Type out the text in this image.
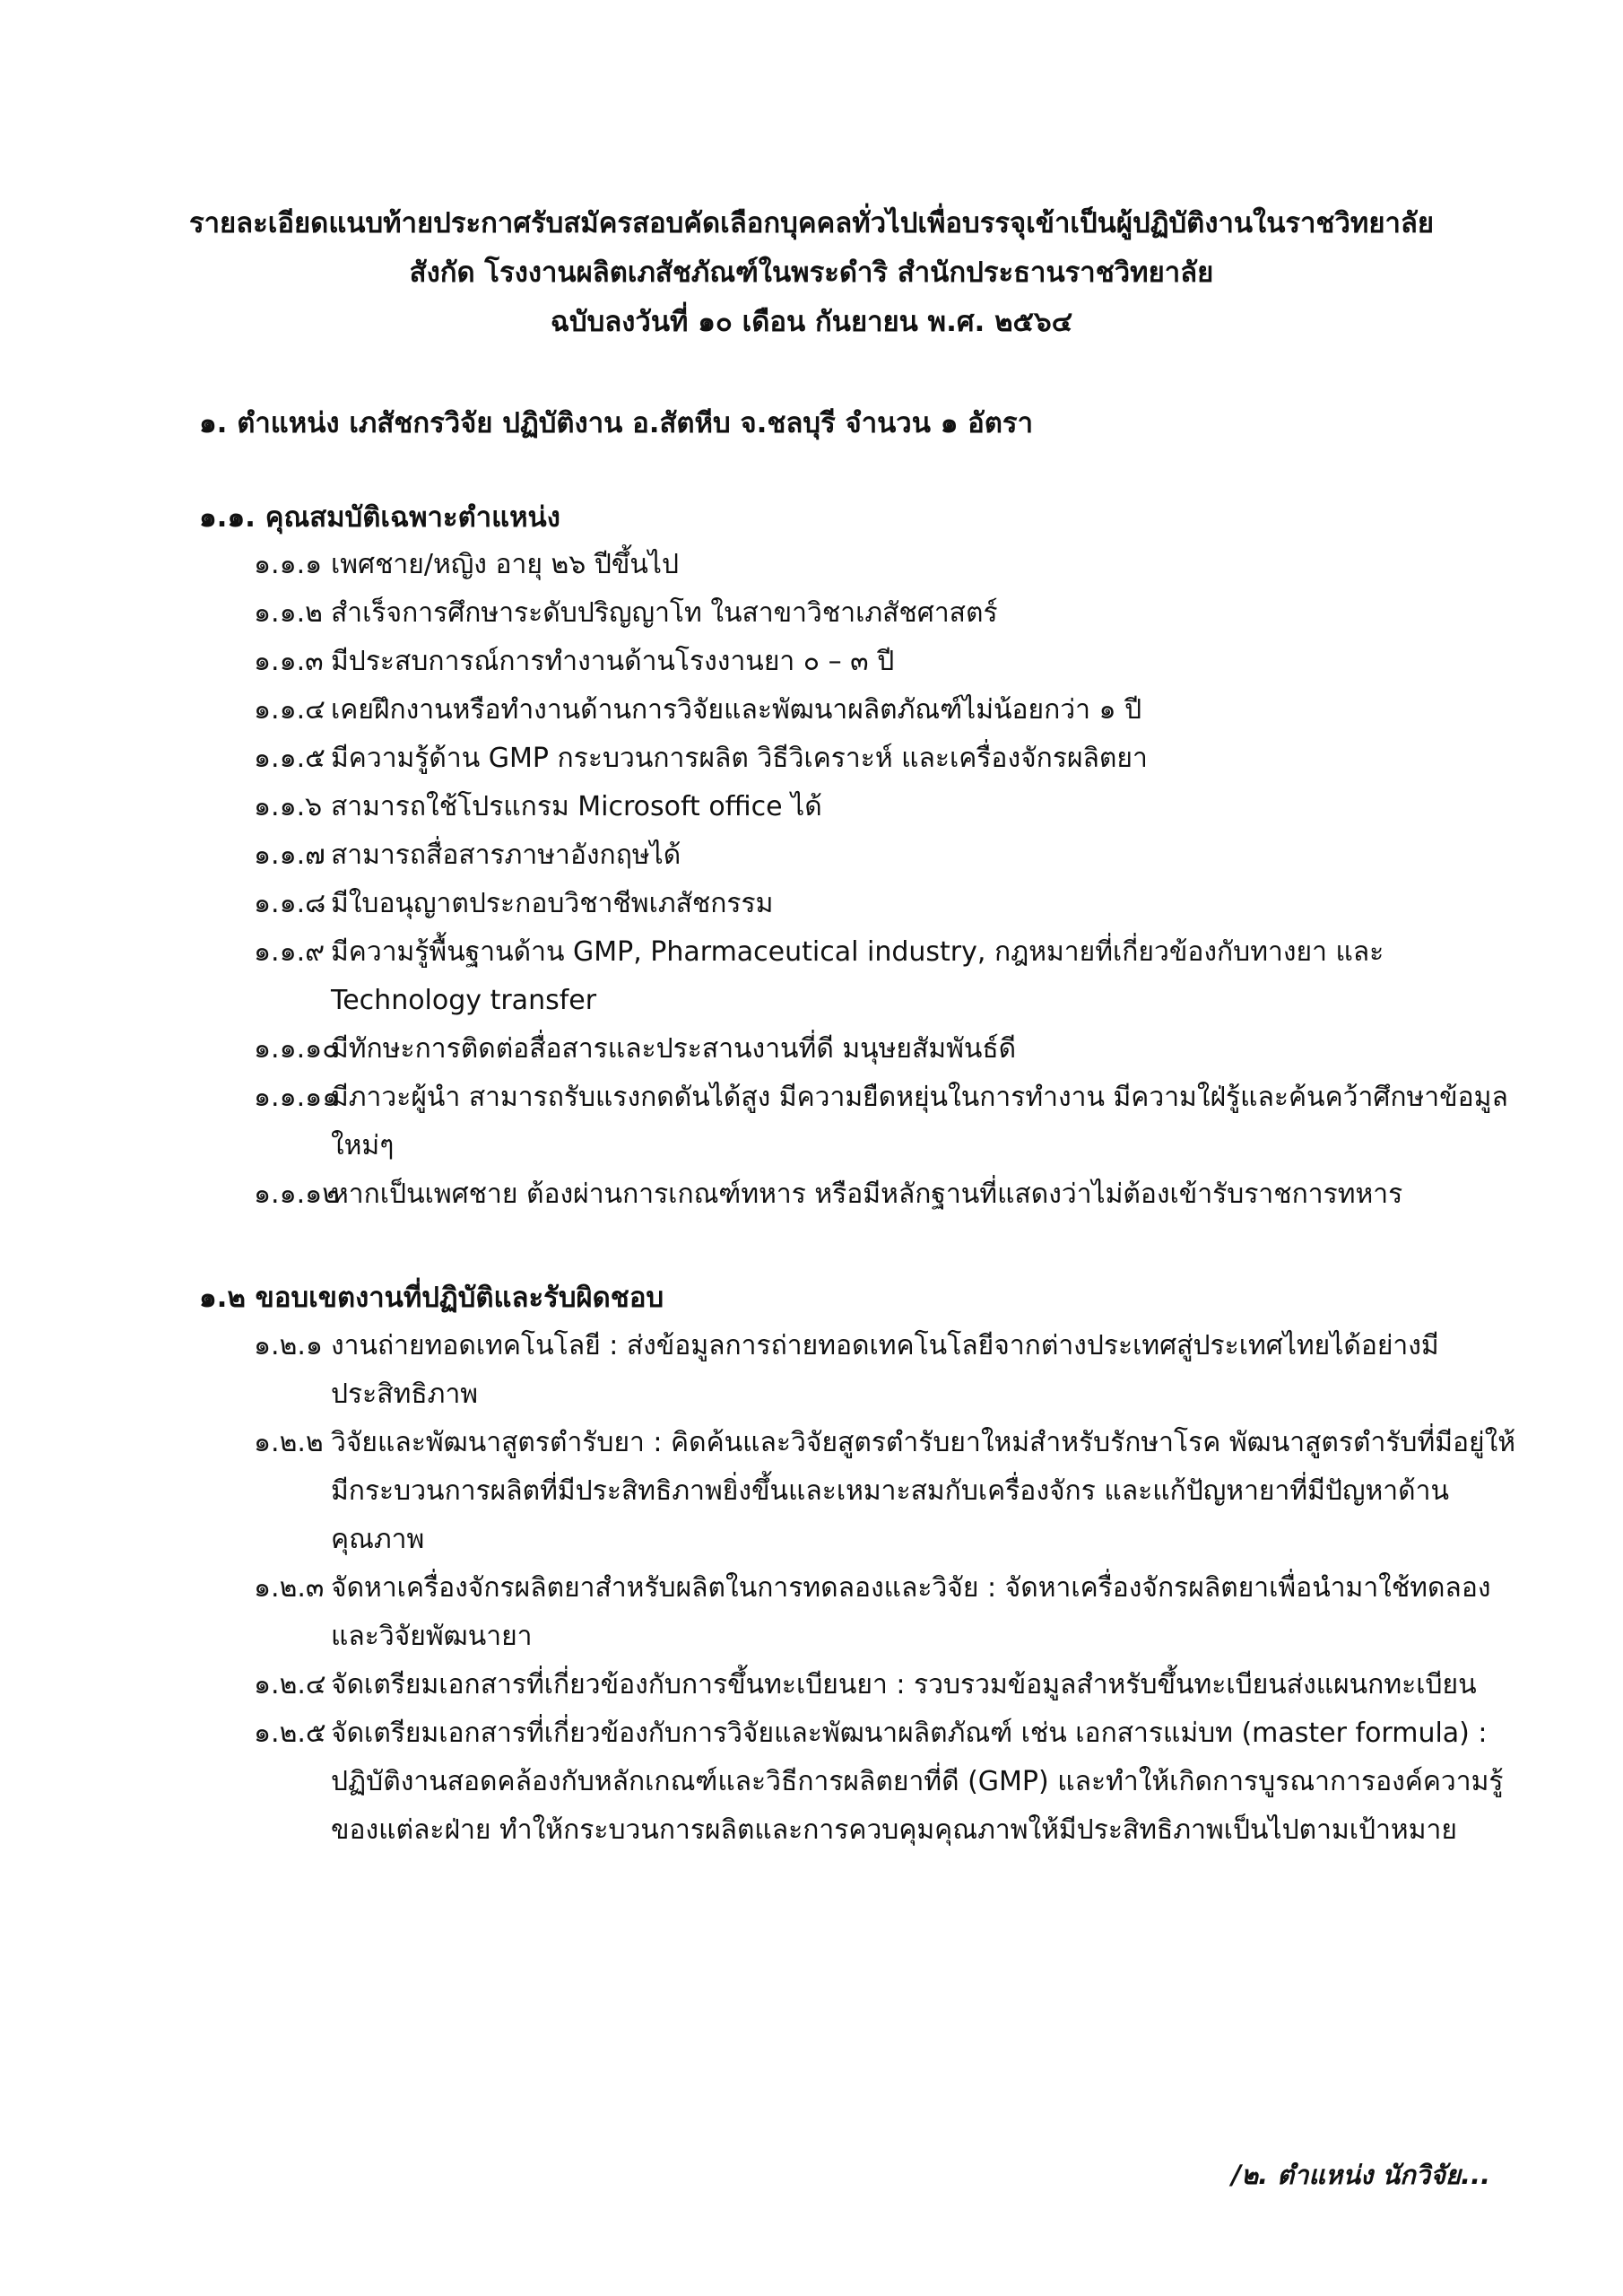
รายละเอียดแนบท้ายประกาศรับสมัครสอบคัดเลือกบุคคลทั่วไปเพื่อบรรจุเข้าเป็นผู้ปฏิบัติงานในราชวิทยาลัย
สังกัด โรงงานผลิตเภสัชภัณฑ์ในพระดำริ สำนักประธานราชวิทยาลัย
ฉบับลงวันที่ ๑๐ เดือน กันยายน พ.ศ. ๒๕๖๔
๑. ตำแหน่ง เภสัชกรวิจัย ปฏิบัติงาน อ.สัตหีบ จ.ชลบุรี จำนวน ๑ อัตรา
๑.๑. คุณสมบัติเฉพาะตำแหน่ง
๑.๑.๑ เพศชาย/หญิง อายุ ๒๖ ปีขึ้นไป
๑.๑.๒ สำเร็จการศึกษาระดับปริญญาโท ในสาขาวิชาเภสัชศาสตร์
๑.๑.๓ มีประสบการณ์การทำงานด้านโรงงานยา ๐ – ๓ ปี
๑.๑.๔ เคยฝึกงานหรือทำงานด้านการวิจัยและพัฒนาผลิตภัณฑ์ไม่น้อยกว่า ๑ ปี
๑.๑.๕ มีความรู้ด้าน GMP กระบวนการผลิต วิธีวิเคราะห์ และเครื่องจักรผลิตยา
๑.๑.๖ สามารถใช้โปรแกรม Microsoft office ได้
๑.๑.๗ สามารถสื่อสารภาษาอังกฤษได้
๑.๑.๘ มีใบอนุญาตประกอบวิชาชีพเภสัชกรรม
๑.๑.๙ มีความรู้พื้นฐานด้าน GMP, Pharmaceutical industry, กฎหมายที่เกี่ยวข้องกับทางยา และ Technology transfer
๑.๑.๑๐
มีทักษะการติดต่อสื่อสารและประสานงานที่ดี มนุษยสัมพันธ์ดี
๑.๑.๑๑
มีภาวะผู้นำ สามารถรับแรงกดดันได้สูง มีความยืดหยุ่นในการทำงาน มีความใฝ่รู้และค้นคว้าศึกษาข้อมูลใหม่ๆ
๑.๑.๑๒
หากเป็นเพศชาย ต้องผ่านการเกณฑ์ทหาร หรือมีหลักฐานที่แสดงว่าไม่ต้องเข้ารับราชการทหาร
๑.๒ ขอบเขตงานที่ปฏิบัติและรับผิดชอบ
๑.๒.๑ งานถ่ายทอดเทคโนโลยี : ส่งข้อมูลการถ่ายทอดเทคโนโลยีจากต่างประเทศสู่ประเทศไทยได้อย่างมีประสิทธิภาพ
๑.๒.๒ วิจัยและพัฒนาสูตรตำรับยา : คิดค้นและวิจัยสูตรตำรับยาใหม่สำหรับรักษาโรค พัฒนาสูตรตำรับที่มีอยู่ให้มีกระบวนการผลิตที่มีประสิทธิภาพยิ่งขึ้นและเหมาะสมกับเครื่องจักร และแก้ปัญหายาที่มีปัญหาด้านคุณภาพ
๑.๒.๓ จัดหาเครื่องจักรผลิตยาสำหรับผลิตในการทดลองและวิจัย : จัดหาเครื่องจักรผลิตยาเพื่อนำมาใช้ทดลองและวิจัยพัฒนายา
๑.๒.๔ จัดเตรียมเอกสารที่เกี่ยวข้องกับการขึ้นทะเบียนยา : รวบรวมข้อมูลสำหรับขึ้นทะเบียนส่งแผนกทะเบียน
๑.๒.๕ จัดเตรียมเอกสารที่เกี่ยวข้องกับการวิจัยและพัฒนาผลิตภัณฑ์ เช่น เอกสารแม่บท (master formula) : ปฏิบัติงานสอดคล้องกับหลักเกณฑ์และวิธีการผลิตยาที่ดี (GMP) และทำให้เกิดการบูรณาการองค์ความรู้ของแต่ละฝ่าย ทำให้กระบวนการผลิตและการควบคุมคุณภาพให้มีประสิทธิภาพเป็นไปตามเป้าหมาย
/๒. ตำแหน่ง นักวิจัย...
